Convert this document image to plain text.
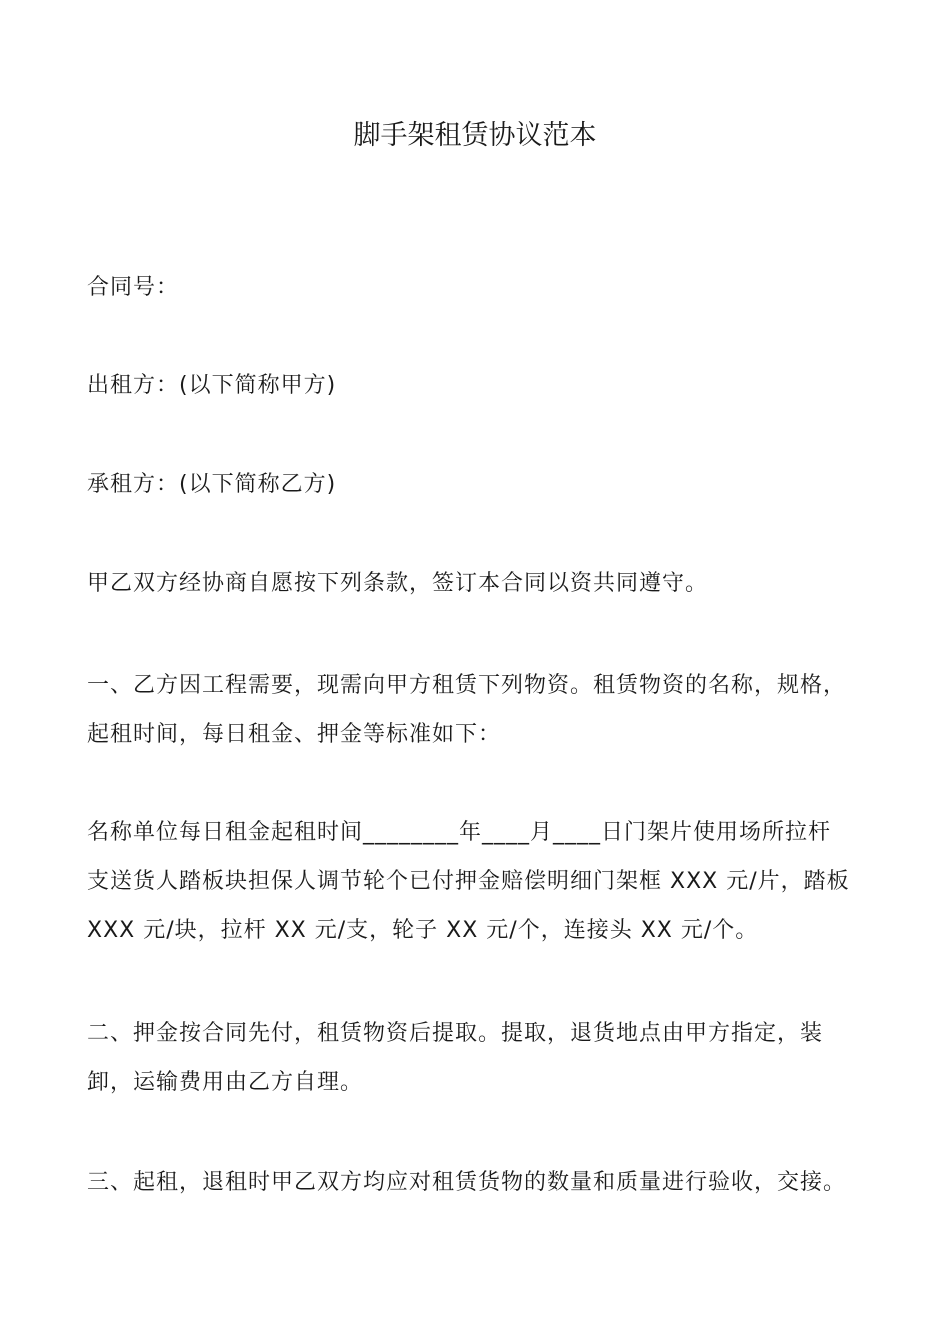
脚手架租赁协议范本
合同号：
出租方：(以下简称甲方)
承租方：(以下简称乙方)
甲乙双方经协商自愿按下列条款，签订本合同以资共同遵守。
一、乙方因工程需要，现需向甲方租赁下列物资。租赁物资的名称，规格，
起租时间，每日租金、押金等标准如下：
名称单位每日租金起租时间________年____月____日门架片使用场所拉杆
支送货人踏板块担保人调节轮个已付押金赔偿明细门架框 XXX 元/片，踏板
XXX 元/块，拉杆 XX 元/支，轮子 XX 元/个，连接头 XX 元/个。
二、押金按合同先付，租赁物资后提取。提取，退货地点由甲方指定，装
卸，运输费用由乙方自理。
三、起租，退租时甲乙双方均应对租赁货物的数量和质量进行验收，交接。
